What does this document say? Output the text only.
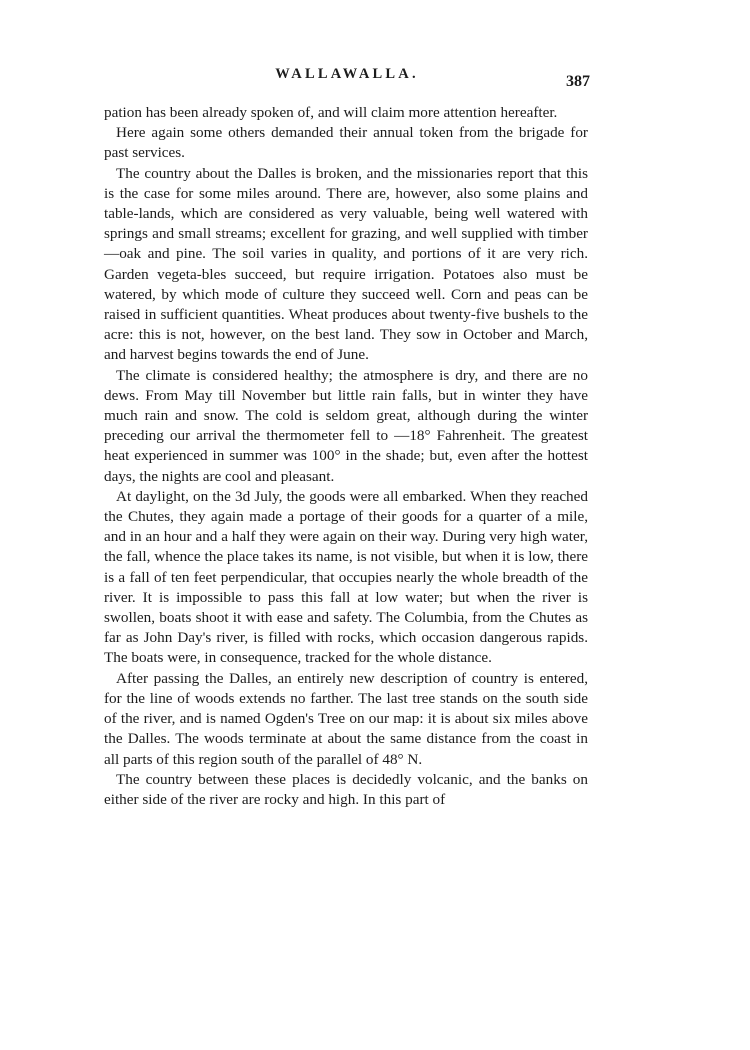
WALLAWALLA.	387

pation has been already spoken of, and will claim more attention hereafter.

Here again some others demanded their annual token from the brigade for past services.

The country about the Dalles is broken, and the missionaries report that this is the case for some miles around. There are, however, also some plains and table-lands, which are considered as very valuable, being well watered with springs and small streams; excellent for grazing, and well supplied with timber—oak and pine. The soil varies in quality, and portions of it are very rich. Garden vegeta-bles succeed, but require irrigation. Potatoes also must be watered, by which mode of culture they succeed well. Corn and peas can be raised in sufficient quantities. Wheat produces about twenty-five bushels to the acre: this is not, however, on the best land. They sow in October and March, and harvest begins towards the end of June.

The climate is considered healthy; the atmosphere is dry, and there are no dews. From May till November but little rain falls, but in winter they have much rain and snow. The cold is seldom great, although during the winter preceding our arrival the thermometer fell to —18° Fahrenheit. The greatest heat experienced in summer was 100° in the shade; but, even after the hottest days, the nights are cool and pleasant.

At daylight, on the 3d July, the goods were all embarked. When they reached the Chutes, they again made a portage of their goods for a quarter of a mile, and in an hour and a half they were again on their way. During very high water, the fall, whence the place takes its name, is not visible, but when it is low, there is a fall of ten feet perpendicular, that occupies nearly the whole breadth of the river. It is impossible to pass this fall at low water; but when the river is swollen, boats shoot it with ease and safety. The Columbia, from the Chutes as far as John Day's river, is filled with rocks, which occasion dangerous rapids. The boats were, in consequence, tracked for the whole distance.

After passing the Dalles, an entirely new description of country is entered, for the line of woods extends no farther. The last tree stands on the south side of the river, and is named Ogden's Tree on our map: it is about six miles above the Dalles. The woods terminate at about the same distance from the coast in all parts of this region south of the parallel of 48° N.

The country between these places is decidedly volcanic, and the banks on either side of the river are rocky and high. In this part of
